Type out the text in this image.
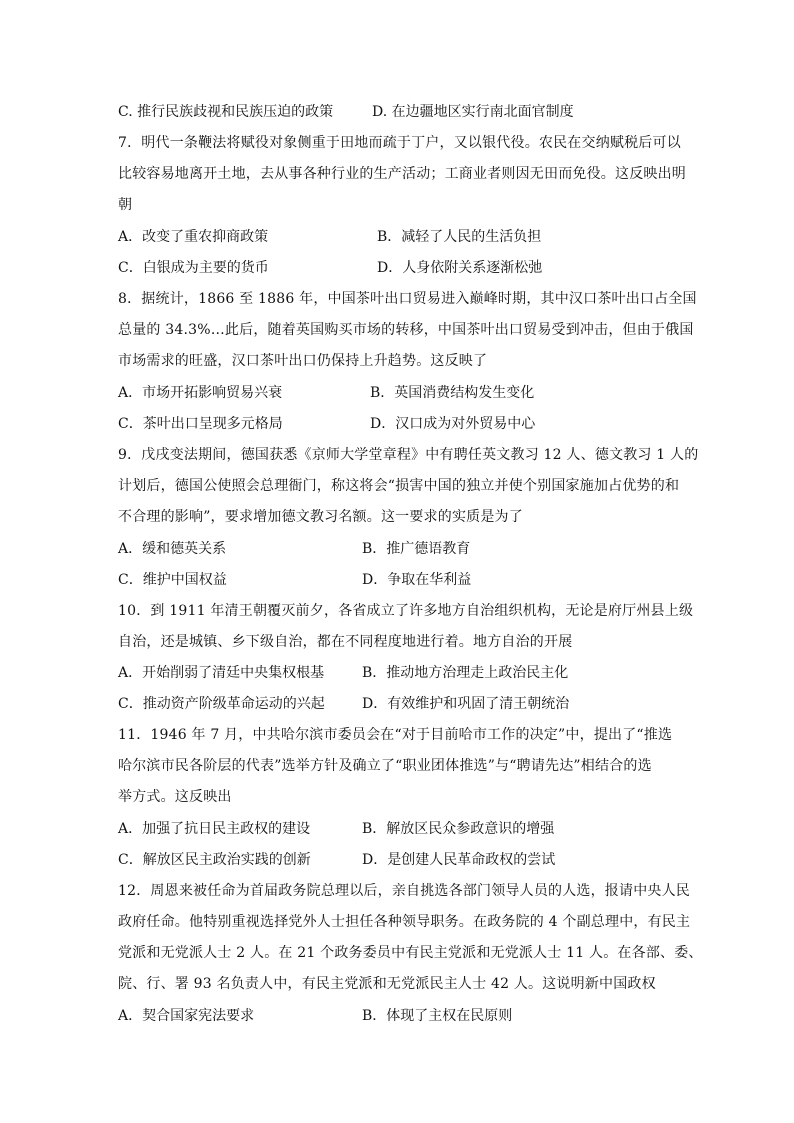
C. 推行民族歧视和民族压迫的政策	D. 在边疆地区实行南北面官制度
7．明代一条鞭法将赋役对象侧重于田地而疏于丁户，又以银代役。农民在交纳赋税后可以
比较容易地离开土地，去从事各种行业的生产活动；工商业者则因无田而免役。这反映出明
朝
A．改变了重农抑商政策	B．减轻了人民的生活负担
C．白银成为主要的货币	D．人身依附关系逐渐松弛
8．据统计，1866 至 1886 年，中国茶叶出口贸易进入巅峰时期，其中汉口茶叶出口占全国
总量的 34.3%…此后，随着英国购买市场的转移，中国茶叶出口贸易受到冲击，但由于俄国
市场需求的旺盛，汉口茶叶出口仍保持上升趋势。这反映了
A．市场开拓影响贸易兴衰	B．英国消费结构发生变化
C．茶叶出口呈现多元格局	D．汉口成为对外贸易中心
9．戊戌变法期间，德国获悉《京师大学堂章程》中有聘任英文教习 12 人、德文教习 1 人的
计划后，德国公使照会总理衙门，称这将会“损害中国的独立并使个别国家施加占优势的和
不合理的影响”，要求增加德文教习名额。这一要求的实质是为了
A．缓和德英关系	B．推广德语教育
C．维护中国权益	D．争取在华利益
10．到 1911 年清王朝覆灭前夕，各省成立了许多地方自治组织机构，无论是府厅州县上级
自治，还是城镇、乡下级自治，都在不同程度地进行着。地方自治的开展
A．开始削弱了清廷中央集权根基	B．推动地方治理走上政治民主化
C．推动资产阶级革命运动的兴起	D．有效维护和巩固了清王朝统治
11．1946 年 7 月，中共哈尔滨市委员会在“对于目前哈市工作的决定”中，提出了“推选
哈尔滨市民各阶层的代表”选举方针及确立了“职业团体推选”与“聘请先达”相结合的选
举方式。这反映出
A．加强了抗日民主政权的建设	B．解放区民众参政意识的增强
C．解放区民主政治实践的创新	D．是创建人民革命政权的尝试
12．周恩来被任命为首届政务院总理以后，亲自挑选各部门领导人员的人选，报请中央人民
政府任命。他特别重视选择党外人士担任各种领导职务。在政务院的 4 个副总理中，有民主
党派和无党派人士 2 人。在 21 个政务委员中有民主党派和无党派人士 11 人。在各部、委、
院、行、署 93 名负责人中，有民主党派和无党派民主人士 42 人。这说明新中国政权
A．契合国家宪法要求	B．体现了主权在民原则
